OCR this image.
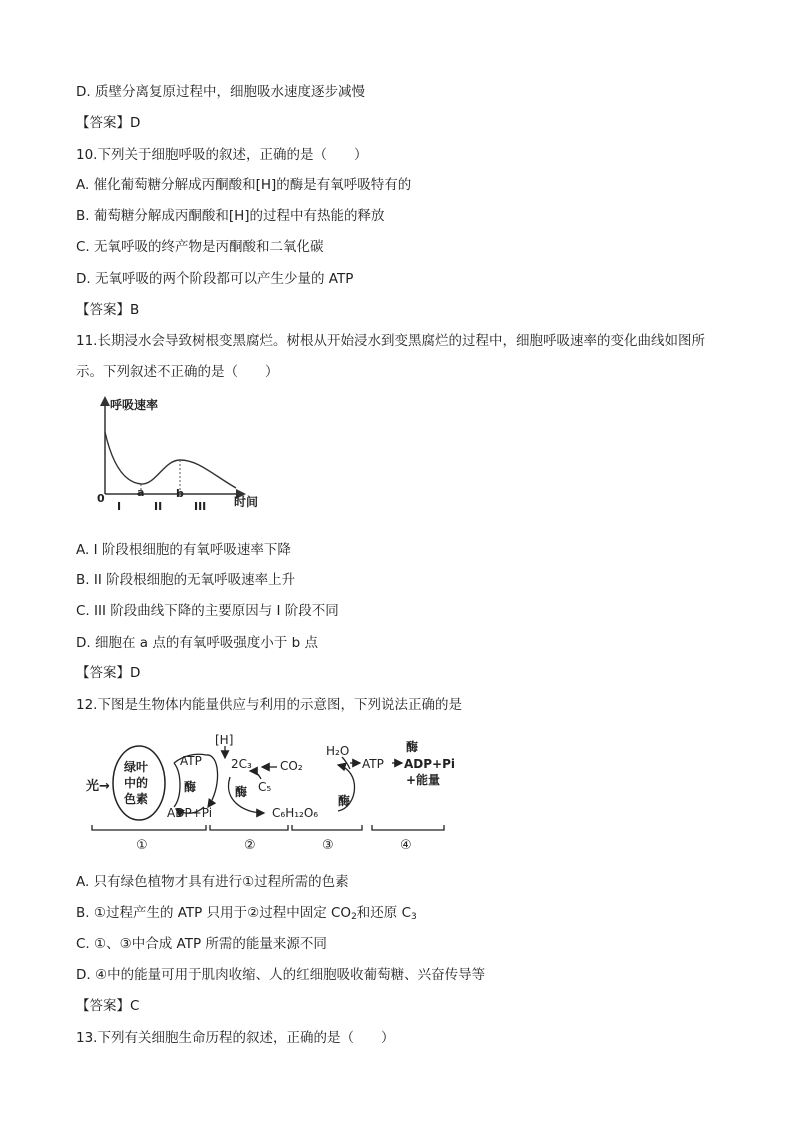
D. 质壁分离复原过程中，细胞吸水速度逐步减慢
【答案】D
10.下列关于细胞呼吸的叙述，正确的是（　　）
A. 催化葡萄糖分解成丙酮酸和[H]的酶是有氧呼吸特有的
B. 葡萄糖分解成丙酮酸和[H]的过程中有热能的释放
C. 无氧呼吸的终产物是丙酮酸和二氧化碳
D. 无氧呼吸的两个阶段都可以产生少量的 ATP
【答案】B
11.长期浸水会导致树根变黑腐烂。树根从开始浸水到变黑腐烂的过程中，细胞呼吸速率的变化曲线如图所
示。下列叙述不正确的是（　　）
呼吸速率
时间
0	a	b
I	II	III
A. I 阶段根细胞的有氧呼吸速率下降
B. II 阶段根细胞的无氧呼吸速率上升
C. III 阶段曲线下降的主要原因与 I 阶段不同
D. 细胞在 a 点的有氧呼吸强度小于 b 点
【答案】D
12.下图是生物体内能量供应与利用的示意图，下列说法正确的是
光→
绿叶
中的
色素
ATP
酶
ADP+Pi
[H]
2C₃
酶 C₅
CO₂
C₆H₁₂O₆
H₂O
酶
ATP
酶
ADP+Pi
+能量
①	②	③	④
A. 只有绿色植物才具有进行①过程所需的色素
B. ①过程产生的 ATP 只用于②过程中固定 $CO_2$和还原 $C_3$
C. ①、③中合成 ATP 所需的能量来源不同
D. ④中的能量可用于肌肉收缩、人的红细胞吸收葡萄糖、兴奋传导等
【答案】C
13.下列有关细胞生命历程的叙述，正确的是（　　）
